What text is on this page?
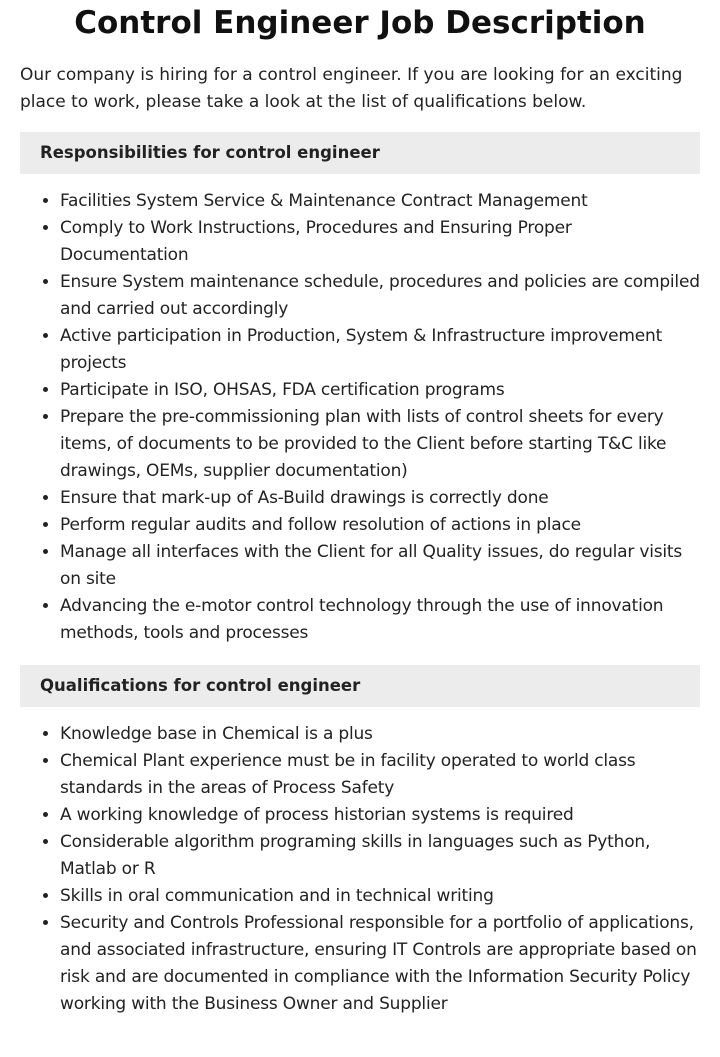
Control Engineer Job Description

Our company is hiring for a control engineer. If you are looking for an exciting place to work, please take a look at the list of qualifications below.

Responsibilities for control engineer
• Facilities System Service & Maintenance Contract Management
• Comply to Work Instructions, Procedures and Ensuring Proper Documentation
• Ensure System maintenance schedule, procedures and policies are compiled and carried out accordingly
• Active participation in Production, System & Infrastructure improvement projects
• Participate in ISO, OHSAS, FDA certification programs
• Prepare the pre-commissioning plan with lists of control sheets for every items, of documents to be provided to the Client before starting T&C like drawings, OEMs, supplier documentation)
• Ensure that mark-up of As-Build drawings is correctly done
• Perform regular audits and follow resolution of actions in place
• Manage all interfaces with the Client for all Quality issues, do regular visits on site
• Advancing the e-motor control technology through the use of innovation methods, tools and processes
Qualifications for control engineer
• Knowledge base in Chemical is a plus
• Chemical Plant experience must be in facility operated to world class standards in the areas of Process Safety
• A working knowledge of process historian systems is required
• Considerable algorithm programing skills in languages such as Python, Matlab or R
• Skills in oral communication and in technical writing
• Security and Controls Professional responsible for a portfolio of applications, and associated infrastructure, ensuring IT Controls are appropriate based on risk and are documented in compliance with the Information Security Policy working with the Business Owner and Supplier
